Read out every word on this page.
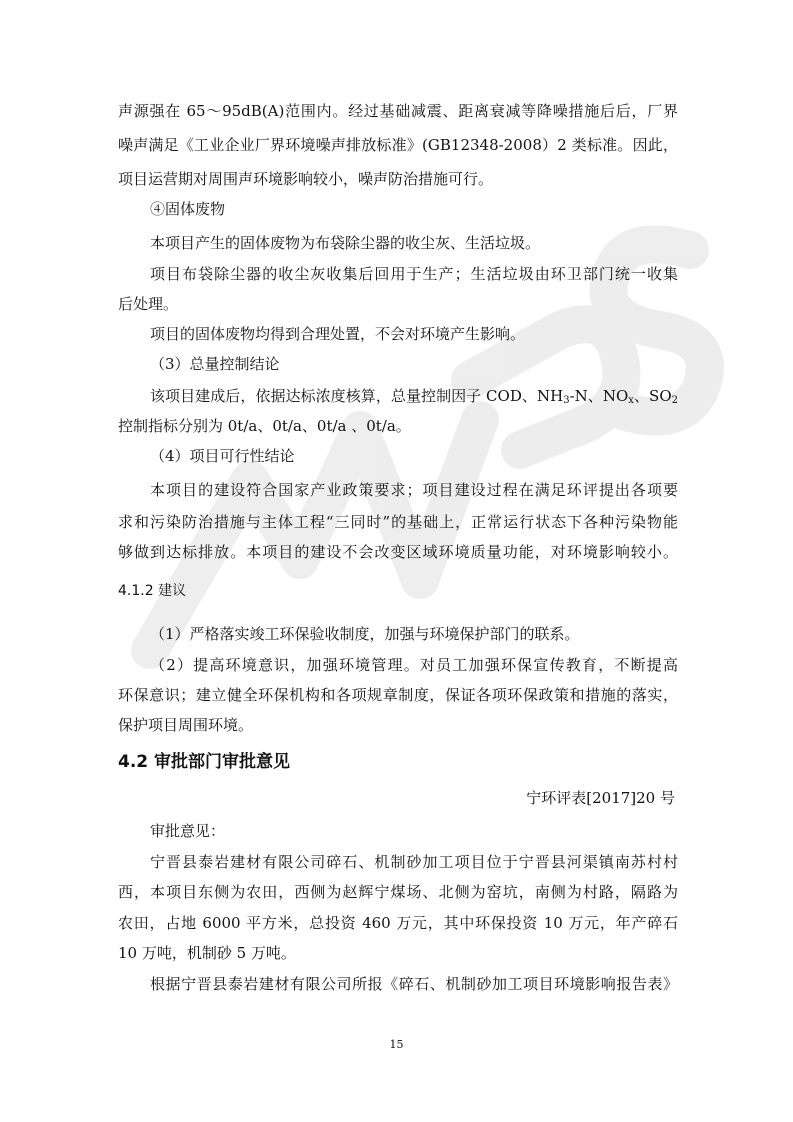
声源强在 65～95dB(A)范围内。经过基础减震、距离衰减等降噪措施后后，厂界
噪声满足《工业企业厂界环境噪声排放标准》(GB12348-2008）2 类标准。因此，
项目运营期对周围声环境影响较小，噪声防治措施可行。
④固体废物
本项目产生的固体废物为布袋除尘器的收尘灰、生活垃圾。
项目布袋除尘器的收尘灰收集后回用于生产；生活垃圾由环卫部门统一收集
后处理。
项目的固体废物均得到合理处置，不会对环境产生影响。
（3）总量控制结论
该项目建成后，依据达标浓度核算，总量控制因子 COD、$NH_3-N$、$NO_x$、$SO_2$
控制指标分别为 0t/a、0t/a、0t/a 、0t/a。
（4）项目可行性结论
本项目的建设符合国家产业政策要求；项目建设过程在满足环评提出各项要
求和污染防治措施与主体工程“三同时”的基础上，正常运行状态下各种污染物能
够做到达标排放。本项目的建设不会改变区域环境质量功能，对环境影响较小。
4.1.2 建议
（1）严格落实竣工环保验收制度，加强与环境保护部门的联系。
（2）提高环境意识，加强环境管理。对员工加强环保宣传教育，不断提高
环保意识；建立健全环保机构和各项规章制度，保证各项环保政策和措施的落实，
保护项目周围环境。
4.2 审批部门审批意见
宁环评表[2017]20 号
审批意见：
宁晋县泰岩建材有限公司碎石、机制砂加工项目位于宁晋县河渠镇南苏村村
西，本项目东侧为农田，西侧为赵辉宁煤场、北侧为窑坑，南侧为村路，隔路为
农田，占地 6000 平方米，总投资 460 万元，其中环保投资 10 万元，年产碎石
10 万吨，机制砂 5 万吨。
根据宁晋县泰岩建材有限公司所报《碎石、机制砂加工项目环境影响报告表》
15
